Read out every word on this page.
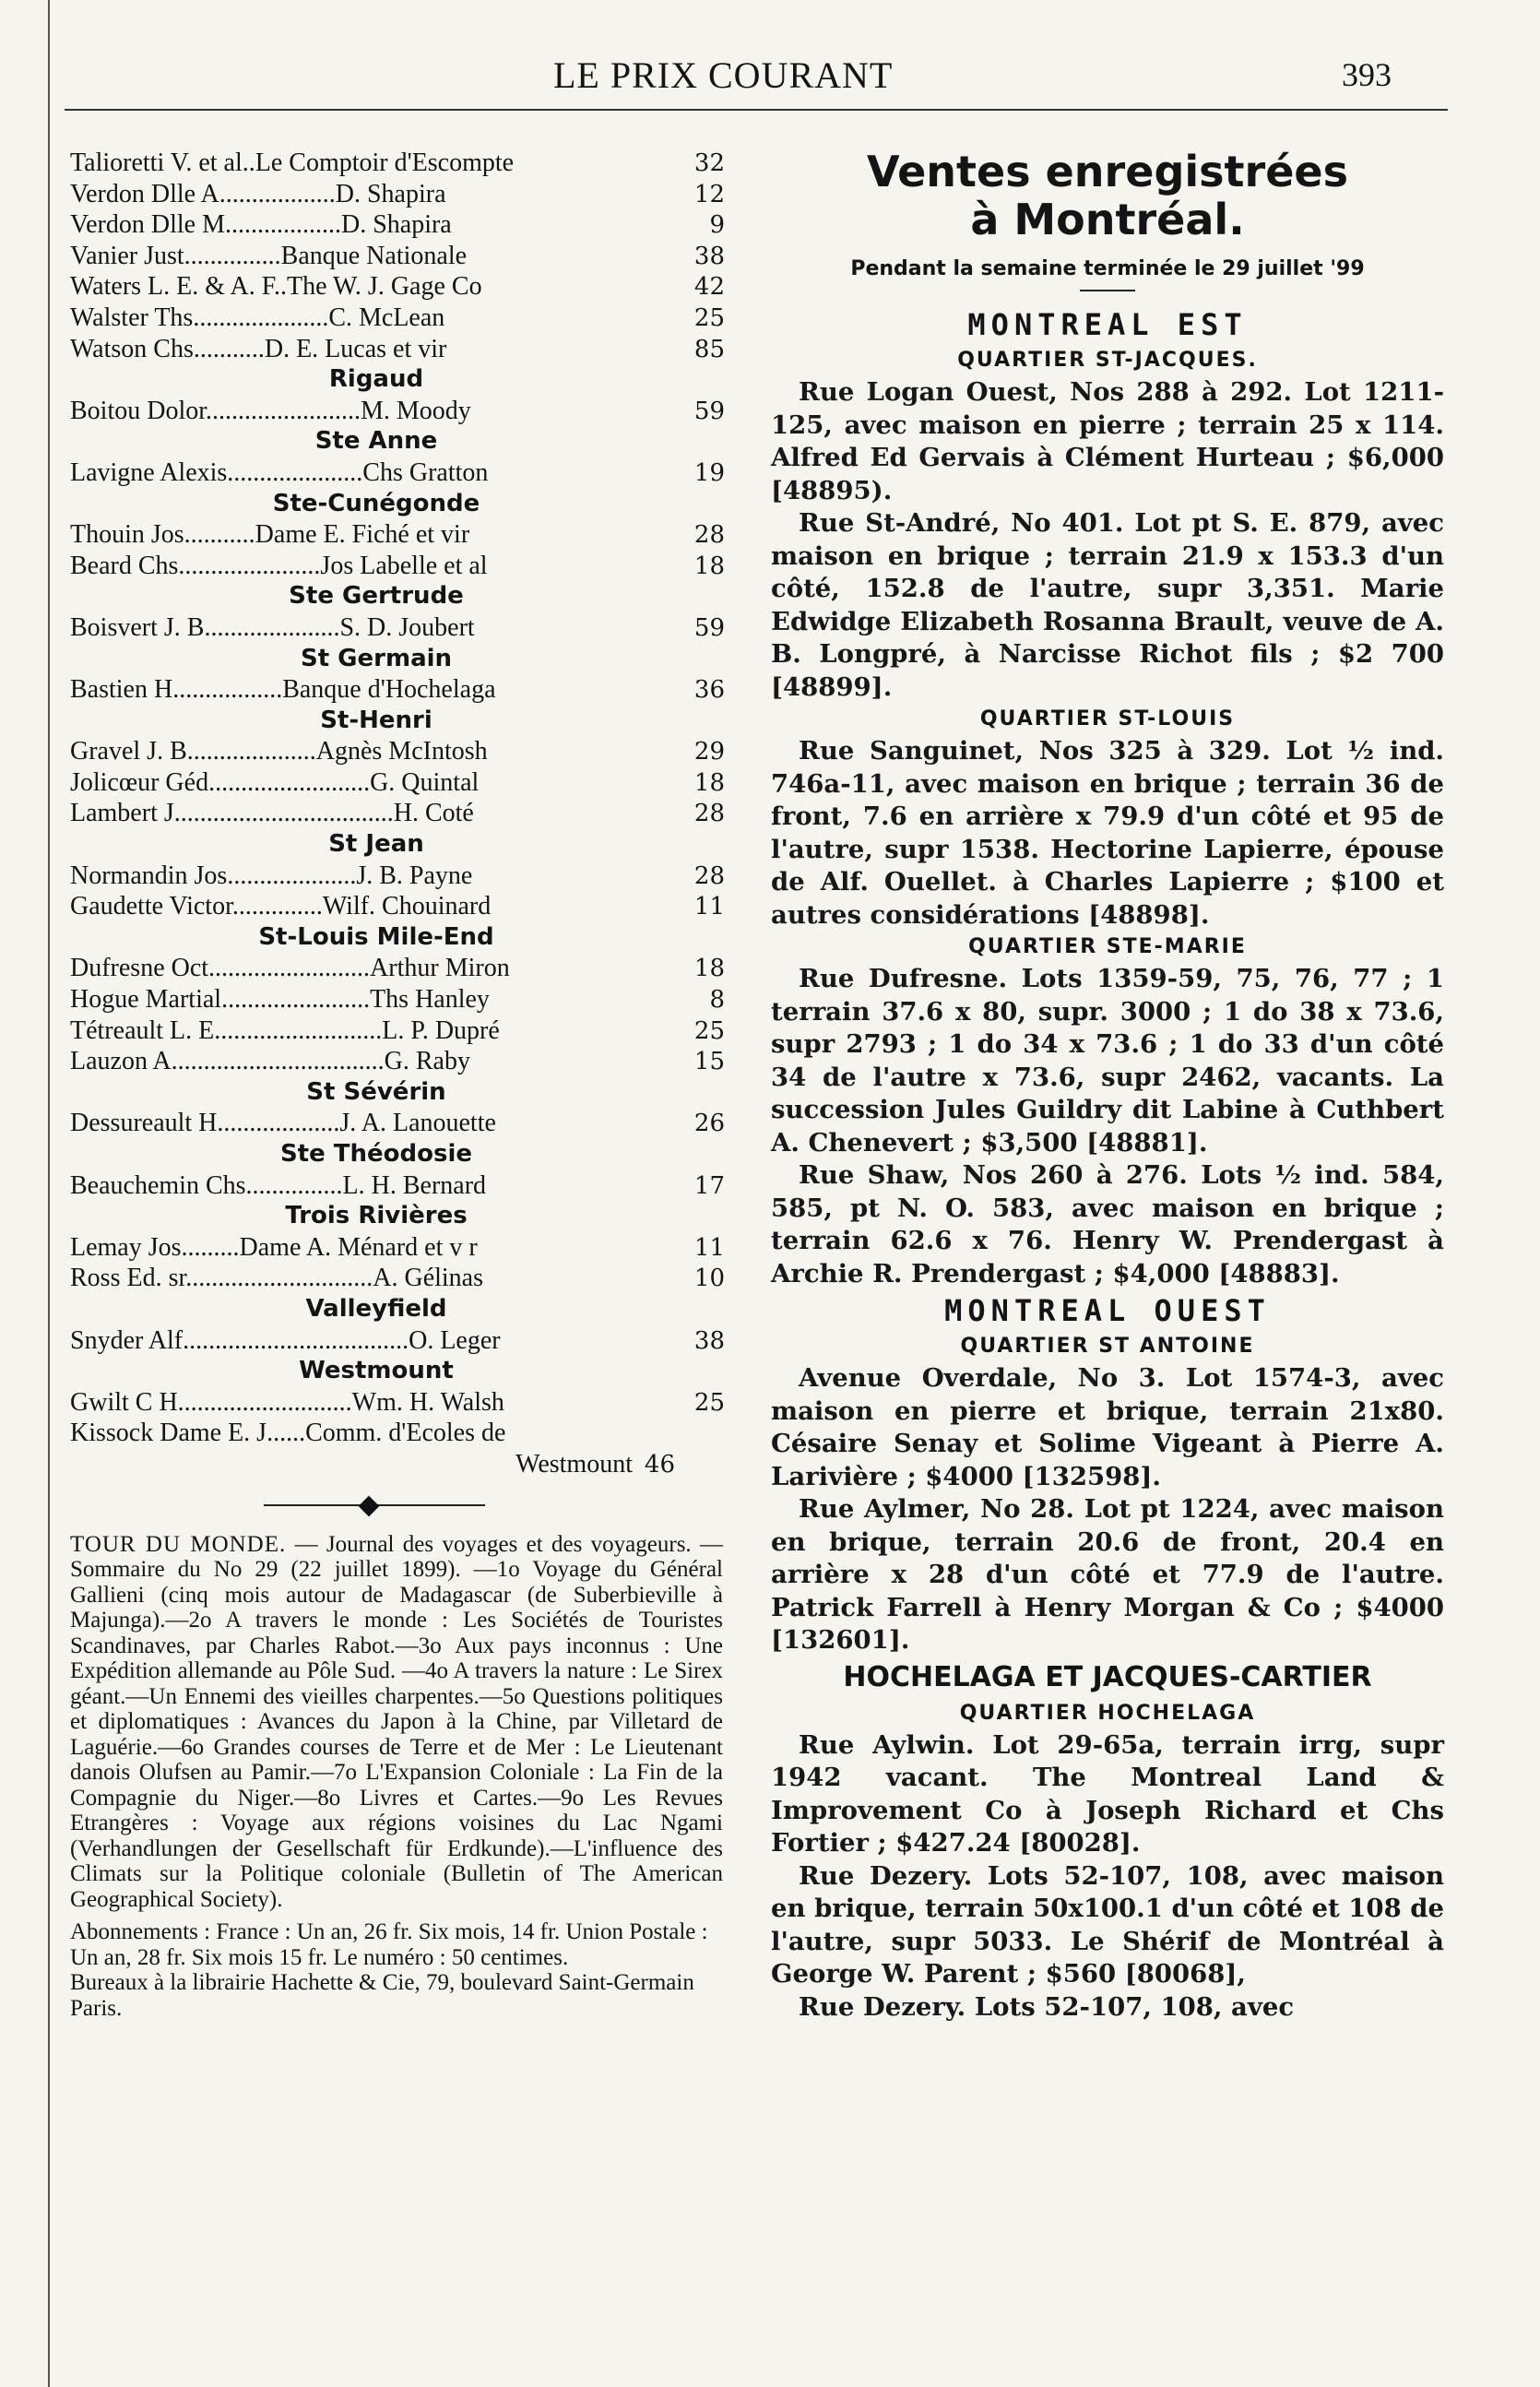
LE PRIX COURANT	393
Talioretti V. et al..Le Comptoir d'Escompte	32
Verdon Dlle A..................D. Shapira	12
Verdon Dlle M..................D. Shapira	9
Vanier Just...............Banque Nationale	38
Waters L. E. & A. F..The W. J. Gage Co	42
Walster Ths.....................C. McLean	25
Watson Chs...........D. E. Lucas et vir	85
Rigaud
Boitou Dolor........................M. Moody	59
Ste Anne
Lavigne Alexis.....................Chs Gratton	19
Ste-Cunégonde
Thouin Jos...........Dame E. Fiché et vir	28
Beard Chs......................Jos Labelle et al	18
Ste Gertrude
Boisvert J. B.....................S. D. Joubert	59
St Germain
Bastien H.................Banque d'Hochelaga	36
St-Henri
Gravel J. B....................Agnès McIntosh	29
Jolicœur Géd.........................G. Quintal	18
Lambert J..................................H. Coté	28
St Jean
Normandin Jos....................J. B. Payne	28
Gaudette Victor..............Wilf. Chouinard	11
St-Louis Mile-End
Dufresne Oct.........................Arthur Miron	18
Hogue Martial.......................Ths Hanley	8
Tétreault L. E..........................L. P. Dupré	25
Lauzon A.................................G. Raby	15
St Sévérin
Dessureault H...................J. A. Lanouette	26
Ste Théodosie
Beauchemin Chs...............L. H. Bernard	17
Trois Rivières
Lemay Jos.........Dame A. Ménard et v r	11
Ross Ed. sr.............................A. Gélinas	10
Valleyfield
Snyder Alf...................................O. Leger	38
Westmount
Gwilt C H...........................Wm. H. Walsh	25
Kissock Dame E. J......Comm. d'Ecoles de
Westmount 46

TOUR DU MONDE. — Journal des voyages et des voyageurs. — Sommaire du No 29 (22 juillet 1899). —1o Voyage du Général Gallieni (cinq mois autour de Madagascar (de Suberbieville à Majunga).—2o A travers le monde : Les Sociétés de Touristes Scandinaves, par Charles Rabot.—3o Aux pays inconnus : Une Expédition allemande au Pôle Sud. —4o A travers la nature : Le Sirex géant.—Un Ennemi des vieilles charpentes.—5o Questions politiques et diplomatiques : Avances du Japon à la Chine, par Villetard de Laguérie.—6o Grandes courses de Terre et de Mer : Le Lieutenant danois Olufsen au Pamir.—7o L'Expansion Coloniale : La Fin de la Compagnie du Niger.—8o Livres et Cartes.—9o Les Revues Etrangères : Voyage aux régions voisines du Lac Ngami (Verhandlungen der Gesellschaft für Erdkunde).—L'influence des Climats sur la Politique coloniale (Bulletin of The American Geographical Society).

Abonnements : France : Un an, 26 fr. Six mois, 14 fr. Union Postale : Un an, 28 fr. Six mois 15 fr. Le numéro : 50 centimes.

Bureaux à la librairie Hachette & Cie, 79, boulevard Saint-Germain Paris.

Ventes enregistrées
à Montréal.
Pendant la semaine terminée le 29 juillet '99
MONTREAL EST
QUARTIER ST-JACQUES.

Rue Logan Ouest, Nos 288 à 292. Lot 1211-125, avec maison en pierre ; terrain 25 x 114. Alfred Ed Gervais à Clément Hurteau ; $6,000 [48895).

Rue St-André, No 401. Lot pt S. E. 879, avec maison en brique ; terrain 21.9 x 153.3 d'un côté, 152.8 de l'autre, supr 3,351. Marie Edwidge Elizabeth Rosanna Brault, veuve de A. B. Longpré, à Narcisse Richot fils ; $2 700 [48899].

QUARTIER ST-LOUIS

Rue Sanguinet, Nos 325 à 329. Lot ½ ind. 746a-11, avec maison en brique ; terrain 36 de front, 7.6 en arrière x 79.9 d'un côté et 95 de l'autre, supr 1538. Hectorine Lapierre, épouse de Alf. Ouellet. à Charles Lapierre ; $100 et autres considérations [48898].

QUARTIER STE-MARIE

Rue Dufresne. Lots 1359-59, 75, 76, 77 ; 1 terrain 37.6 x 80, supr. 3000 ; 1 do 38 x 73.6, supr 2793 ; 1 do 34 x 73.6 ; 1 do 33 d'un côté 34 de l'autre x 73.6, supr 2462, vacants. La succession Jules Guildry dit Labine à Cuthbert A. Chenevert ; $3,500 [48881].

Rue Shaw, Nos 260 à 276. Lots ½ ind. 584, 585, pt N. O. 583, avec maison en brique ; terrain 62.6 x 76. Henry W. Prendergast à Archie R. Prendergast ; $4,000 [48883].

MONTREAL OUEST
QUARTIER ST ANTOINE

Avenue Overdale, No 3. Lot 1574-3, avec maison en pierre et brique, terrain 21x80. Césaire Senay et Solime Vigeant à Pierre A. Larivière ; $4000 [132598].

Rue Aylmer, No 28. Lot pt 1224, avec maison en brique, terrain 20.6 de front, 20.4 en arrière x 28 d'un côté et 77.9 de l'autre. Patrick Farrell à Henry Morgan & Co ; $4000 [132601].

HOCHELAGA ET JACQUES-CARTIER
QUARTIER HOCHELAGA

Rue Aylwin. Lot 29-65a, terrain irrg, supr 1942 vacant. The Montreal Land & Improvement Co à Joseph Richard et Chs Fortier ; $427.24 [80028].

Rue Dezery. Lots 52-107, 108, avec maison en brique, terrain 50x100.1 d'un côté et 108 de l'autre, supr 5033. Le Shérif de Montréal à George W. Parent ; $560 [80068],

Rue Dezery. Lots 52-107, 108, avec
